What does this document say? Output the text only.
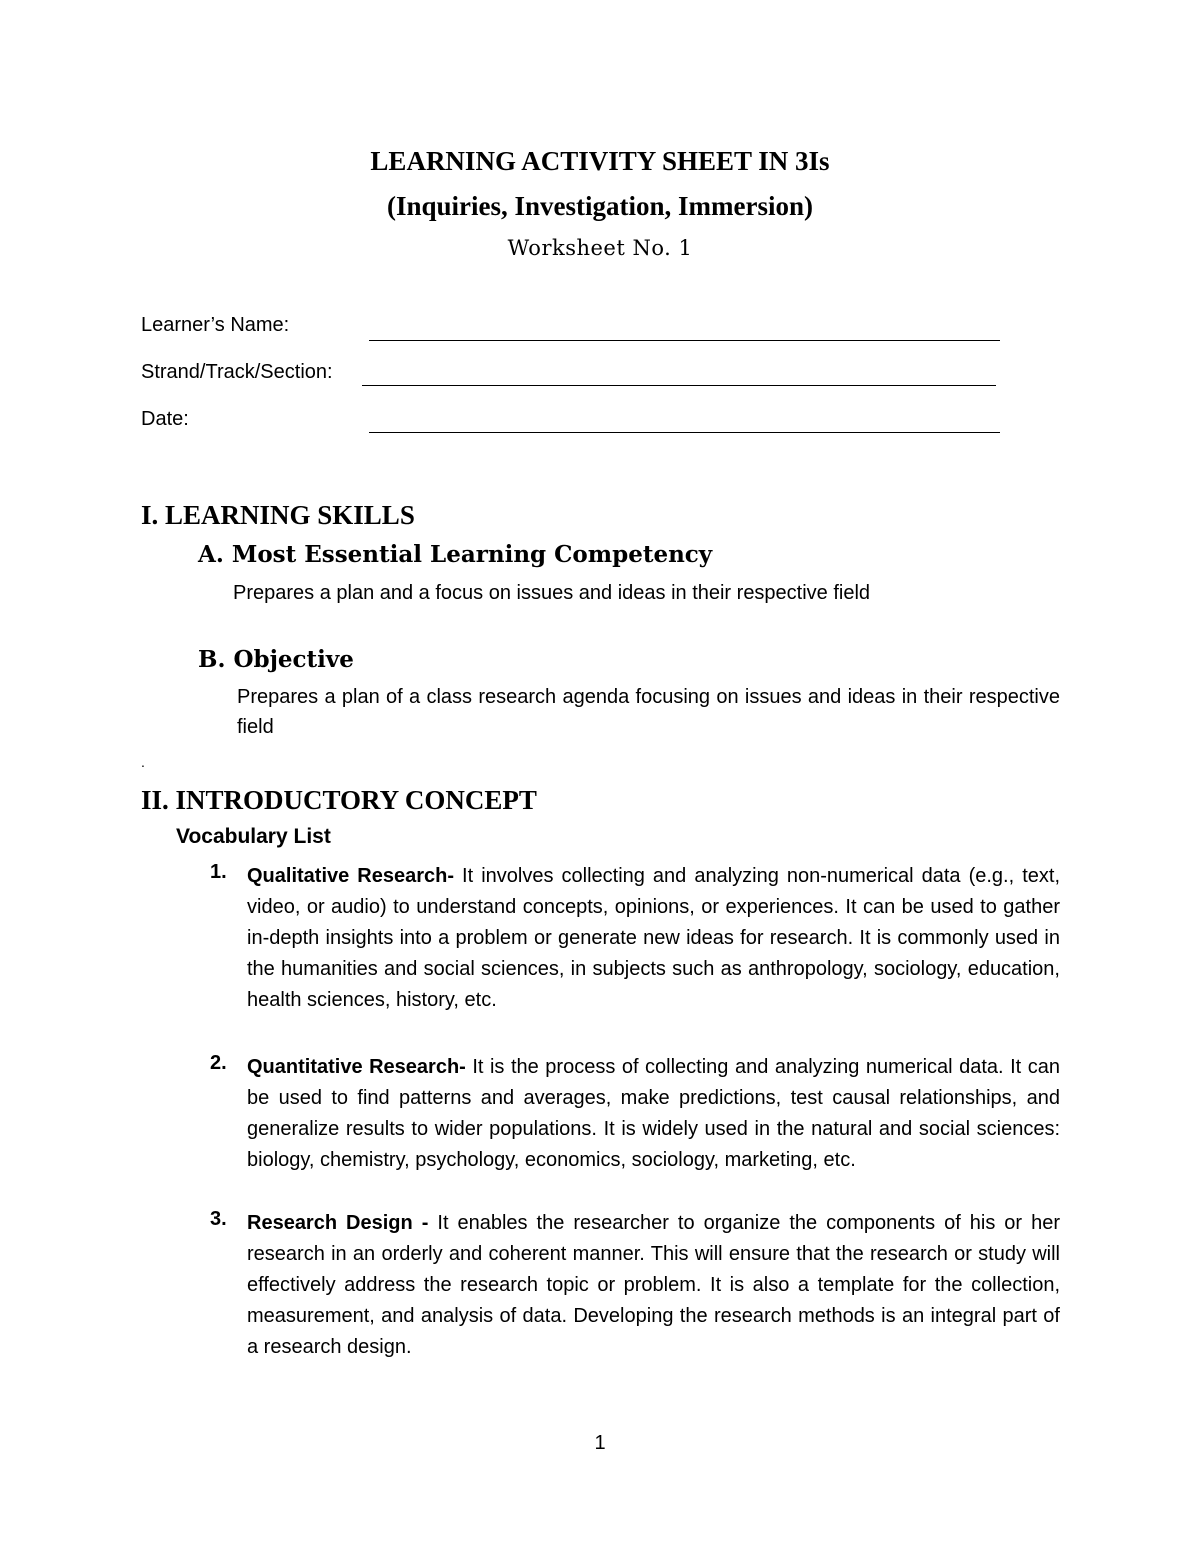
LEARNING ACTIVITY SHEET IN 3Is
(Inquiries, Investigation, Immersion)
Worksheet No. 1
Learner’s Name:
Strand/Track/Section:
Date:
I. LEARNING SKILLS
A. Most Essential Learning Competency
Prepares a plan and a focus on issues and ideas in their respective field
B. Objective
Prepares a plan of a class research agenda focusing on issues and ideas in their respective field
.
II. INTRODUCTORY CONCEPT
Vocabulary List
1. Qualitative Research- It involves collecting and analyzing non-numerical data (e.g., text, video, or audio) to understand concepts, opinions, or experiences. It can be used to gather in-depth insights into a problem or generate new ideas for research. It is commonly used in the humanities and social sciences, in subjects such as anthropology, sociology, education, health sciences, history, etc.
2. Quantitative Research- It is the process of collecting and analyzing numerical data. It can be used to find patterns and averages, make predictions, test causal relationships, and generalize results to wider populations. It is widely used in the natural and social sciences: biology, chemistry, psychology, economics, sociology, marketing, etc.
3. Research Design - It enables the researcher to organize the components of his or her research in an orderly and coherent manner. This will ensure that the research or study will effectively address the research topic or problem. It is also a template for the collection, measurement, and analysis of data. Developing the research methods is an integral part of a research design.
1
